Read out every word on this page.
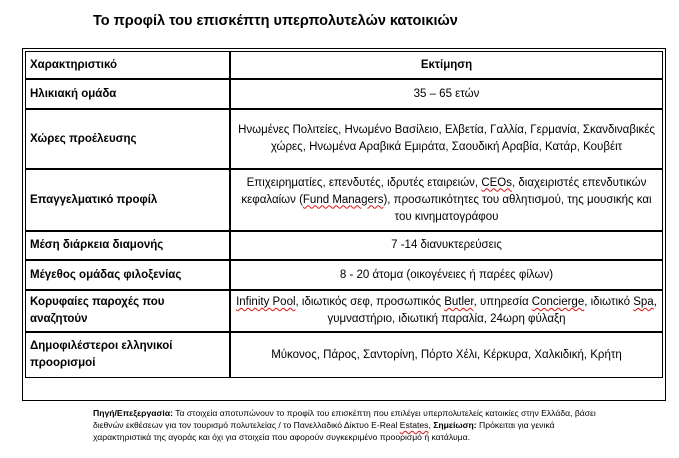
Το προφίλ του επισκέπτη υπερπολυτελών κατοικιών
Χαρακτηριστικό	Εκτίμηση
Ηλικιακή ομάδα	35 – 65 ετών
Χώρες προέλευσης	Ηνωμένες Πολιτείες, Ηνωμένο Βασίλειο, Ελβετία, Γαλλία, Γερμανία, Σκανδιναβικές χώρες, Ηνωμένα Αραβικά Εμιράτα, Σαουδική Αραβία, Κατάρ, Κουβέιτ
Επαγγελματικό προφίλ	Επιχειρηματίες, επενδυτές, ιδρυτές εταιρειών, CEOs, διαχειριστές επενδυτικών κεφαλαίων (Fund Managers), προσωπικότητες του αθλητισμού, της μουσικής και του κινηματογράφου
Μέση διάρκεια διαμονής	7 -14 διανυκτερεύσεις
Μέγεθος ομάδας φιλοξενίας	8 - 20 άτομα (οικογένειες ή παρέες φίλων)
Κορυφαίες παροχές που αναζητούν	Infinity Pool, ιδιωτικός σεφ, προσωπικός Butler, υπηρεσία Concierge, ιδιωτικό Spa, γυμναστήριο, ιδιωτική παραλία, 24ωρη φύλαξη
Δημοφιλέστεροι ελληνικοί προορισμοί	Μύκονος, Πάρος, Σαντορίνη, Πόρτο Χέλι, Κέρκυρα, Χαλκιδική, Κρήτη
Πηγή/Επεξεργασία: Τα στοιχεία αποτυπώνουν το προφίλ του επισκέπτη που επιλέγει υπερπολυτελείς κατοικίες στην Ελλάδα, βάσει διεθνών εκθέσεων για τον τουρισμό πολυτελείας / το Πανελλαδικό Δίκτυο E-Real Estates, Σημείωση: Πρόκειται για γενικά χαρακτηριστικά της αγοράς και όχι για στοιχεία που αφορούν συγκεκριμένο προορισμό ή κατάλυμα.
